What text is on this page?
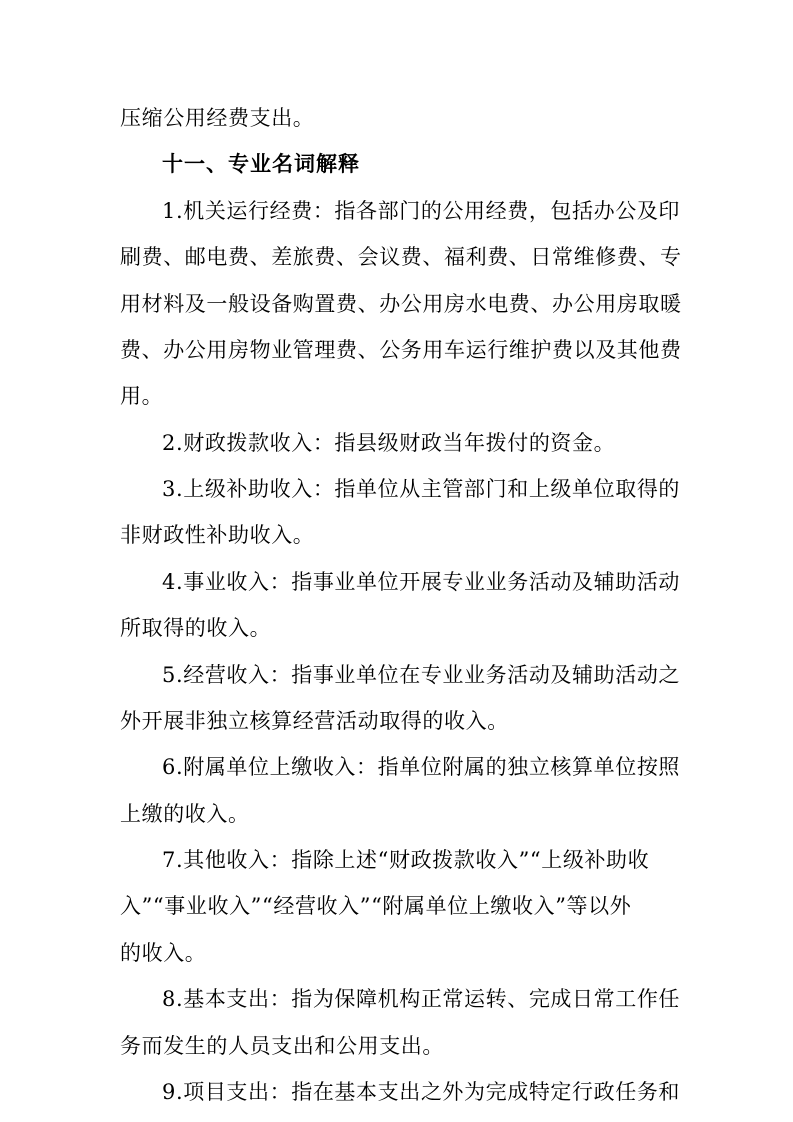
压缩公用经费支出。
十一、专业名词解释
1.机关运行经费：指各部门的公用经费，包括办公及印
刷费、邮电费、差旅费、会议费、福利费、日常维修费、专
用材料及一般设备购置费、办公用房水电费、办公用房取暖
费、办公用房物业管理费、公务用车运行维护费以及其他费
用。
2.财政拨款收入：指县级财政当年拨付的资金。
3.上级补助收入：指单位从主管部门和上级单位取得的
非财政性补助收入。
4.事业收入：指事业单位开展专业业务活动及辅助活动
所取得的收入。
5.经营收入：指事业单位在专业业务活动及辅助活动之
外开展非独立核算经营活动取得的收入。
6.附属单位上缴收入：指单位附属的独立核算单位按照
上缴的收入。
7.其他收入：指除上述“财政拨款收入”“上级补助收
入”“事业收入”“经营收入”“附属单位上缴收入”等以外
的收入。
8.基本支出：指为保障机构正常运转、完成日常工作任
务而发生的人员支出和公用支出。
9.项目支出：指在基本支出之外为完成特定行政任务和
